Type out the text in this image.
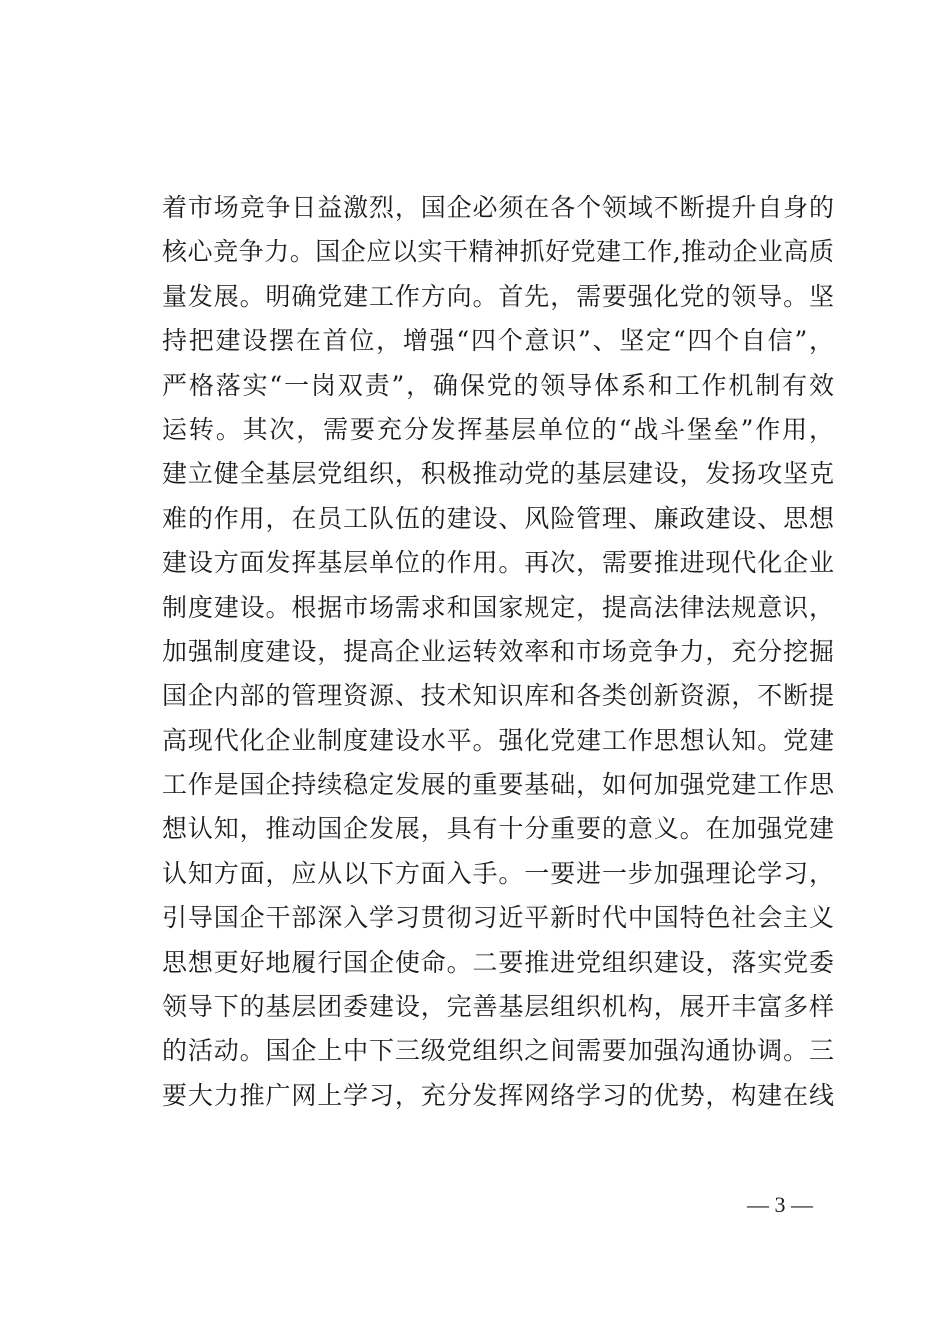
着市场竞争日益激烈，国企必须在各个领域不断提升自身的
核心竞争力。国企应以实干精神抓好党建工作,推动企业高质
量发展。明确党建工作方向。首先，需要强化党的领导。坚
持把建设摆在首位，增强“四个意识”、坚定“四个自信”，
严格落实“一岗双责”，确保党的领导体系和工作机制有效
运转。其次，需要充分发挥基层单位的“战斗堡垒”作用，
建立健全基层党组织，积极推动党的基层建设，发扬攻坚克
难的作用，在员工队伍的建设、风险管理、廉政建设、思想
建设方面发挥基层单位的作用。再次，需要推进现代化企业
制度建设。根据市场需求和国家规定，提高法律法规意识，
加强制度建设，提高企业运转效率和市场竞争力，充分挖掘
国企内部的管理资源、技术知识库和各类创新资源，不断提
高现代化企业制度建设水平。强化党建工作思想认知。党建
工作是国企持续稳定发展的重要基础，如何加强党建工作思
想认知，推动国企发展，具有十分重要的意义。在加强党建
认知方面，应从以下方面入手。一要进一步加强理论学习，
引导国企干部深入学习贯彻习近平新时代中国特色社会主义
思想更好地履行国企使命。二要推进党组织建设，落实党委
领导下的基层团委建设，完善基层组织机构，展开丰富多样
的活动。国企上中下三级党组织之间需要加强沟通协调。三
要大力推广网上学习，充分发挥网络学习的优势，构建在线
— 3 —
